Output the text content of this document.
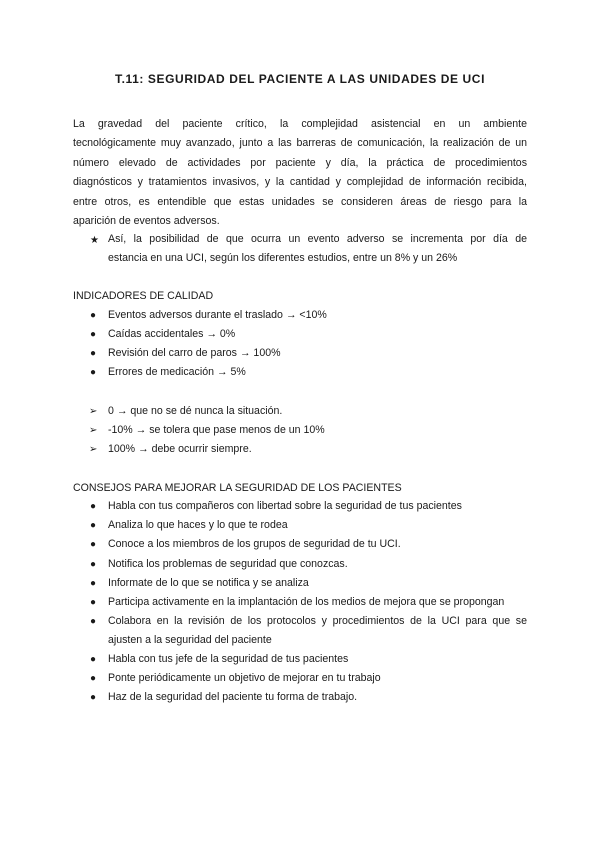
T.11: SEGURIDAD DEL PACIENTE A LAS UNIDADES DE UCI
La gravedad del paciente crítico, la complejidad asistencial en un ambiente
tecnológicamente muy avanzado, junto a las barreras de comunicación, la realización de un
número elevado de actividades por paciente y día, la práctica de procedimientos
diagnósticos y tratamientos invasivos, y la cantidad y complejidad de información recibida,
entre otros, es entendible que estas unidades se consideren áreas de riesgo para la
aparición de eventos adversos.
★ Así, la posibilidad de que ocurra un evento adverso se incrementa por día de
estancia en una UCI, según los diferentes estudios, entre un 8% y un 26%
INDICADORES DE CALIDAD
● Eventos adversos durante el traslado → <10%
● Caídas accidentales → 0%
● Revisión del carro de paros → 100%
● Errores de medicación → 5%
➢ 0 → que no se dé nunca la situación.
➢ -10% → se tolera que pase menos de un 10%
➢ 100% → debe ocurrir siempre.
CONSEJOS PARA MEJORAR LA SEGURIDAD DE LOS PACIENTES
● Habla con tus compañeros con libertad sobre la seguridad de tus pacientes
● Analiza lo que haces y lo que te rodea
● Conoce a los miembros de los grupos de seguridad de tu UCI.
● Notifica los problemas de seguridad que conozcas.
● Informate de lo que se notifica y se analiza
● Participa activamente en la implantación de los medios de mejora que se propongan
● Colabora en la revisión de los protocolos y procedimientos de la UCI para que se
ajusten a la seguridad del paciente
● Habla con tus jefe de la seguridad de tus pacientes
● Ponte periódicamente un objetivo de mejorar en tu trabajo
● Haz de la seguridad del paciente tu forma de trabajo.
